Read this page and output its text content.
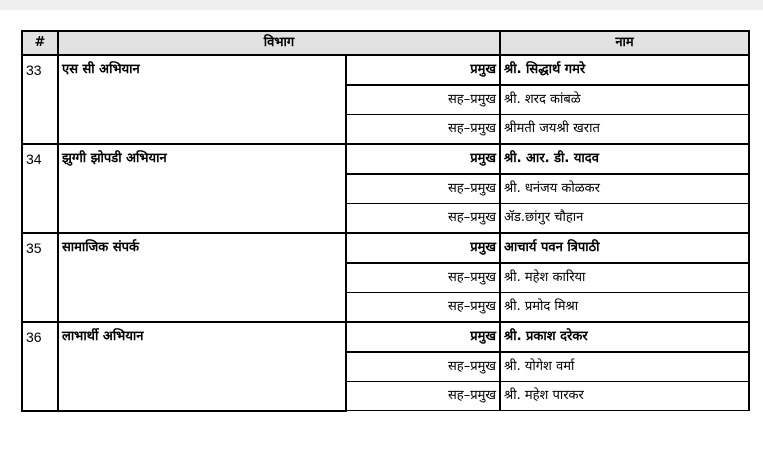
#	विभाग		नाम
33	एस सी अभियान	प्रमुख	श्री. सिद्धार्थ गमरे
		सह–प्रमुख	श्री. शरद कांबळे
		सह–प्रमुख	श्रीमती जयश्री खरात
34	झुग्गी झोपडी अभियान	प्रमुख	श्री. आर. डी. यादव
		सह–प्रमुख	श्री. धनंजय कोळकर
		सह–प्रमुख	ॲड.छांगुर चौहान
35	सामाजिक संपर्क	प्रमुख	आचार्य पवन त्रिपाठी
		सह–प्रमुख	श्री. महेश कारिया
		सह–प्रमुख	श्री. प्रमोद मिश्रा
36	लाभार्थी अभियान	प्रमुख	श्री. प्रकाश दरेकर
		सह–प्रमुख	श्री. योगेश वर्मा
		सह–प्रमुख	श्री. महेश पारकर
